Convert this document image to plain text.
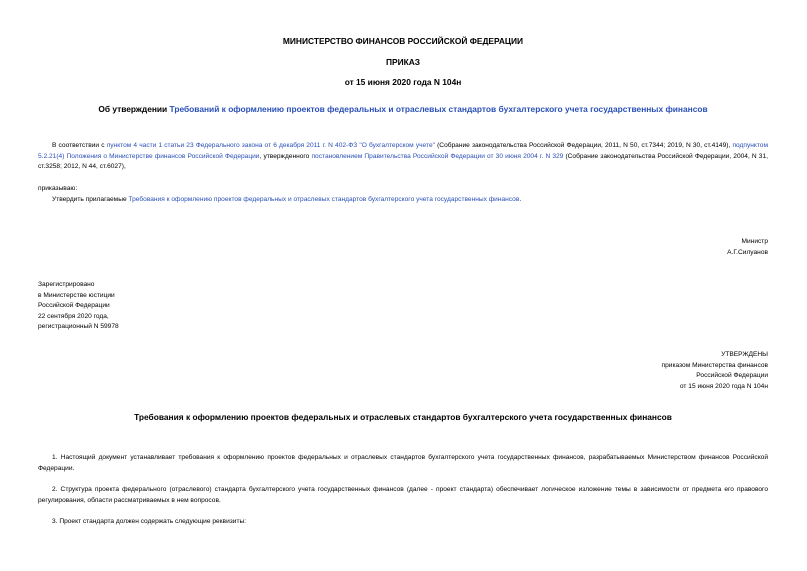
МИНИСТЕРСТВО ФИНАНСОВ РОССИЙСКОЙ ФЕДЕРАЦИИ
ПРИКАЗ
от 15 июня 2020 года N 104н
Об утверждении Требований к оформлению проектов федеральных и отраслевых стандартов бухгалтерского учета государственных финансов
В соответствии с пунктом 4 части 1 статьи 23 Федерального закона от 6 декабря 2011 г. N 402-ФЗ "О бухгалтерском учете" (Собрание законодательства Российской Федерации, 2011, N 50, ст.7344; 2019, N 30, ст.4149), подпунктом 5.2.21(4) Положения о Министерстве финансов Российской Федерации, утвержденного постановлением Правительства Российской Федерации от 30 июня 2004 г. N 329 (Собрание законодательства Российской Федерации, 2004, N 31, ст.3258; 2012, N 44, ст.6027),
приказываю:
Утвердить прилагаемые Требования к оформлению проектов федеральных и отраслевых стандартов бухгалтерского учета государственных финансов.
Министр
А.Г.Силуанов
Зарегистрировано
в Министерстве юстиции
Российской Федерации
22 сентября 2020 года,
регистрационный N 59978
УТВЕРЖДЕНЫ
приказом Министерства финансов
Российской Федерации
от 15 июня 2020 года N 104н
Требования к оформлению проектов федеральных и отраслевых стандартов бухгалтерского учета государственных финансов
1. Настоящий документ устанавливает требования к оформлению проектов федеральных и отраслевых стандартов бухгалтерского учета государственных финансов, разрабатываемых Министерством финансов Российской Федерации.
2. Структура проекта федерального (отраслевого) стандарта бухгалтерского учета государственных финансов (далее - проект стандарта) обеспечивает логическое изложение темы в зависимости от предмета его правового регулирования, области рассматриваемых в нем вопросов.
3. Проект стандарта должен содержать следующие реквизиты:
